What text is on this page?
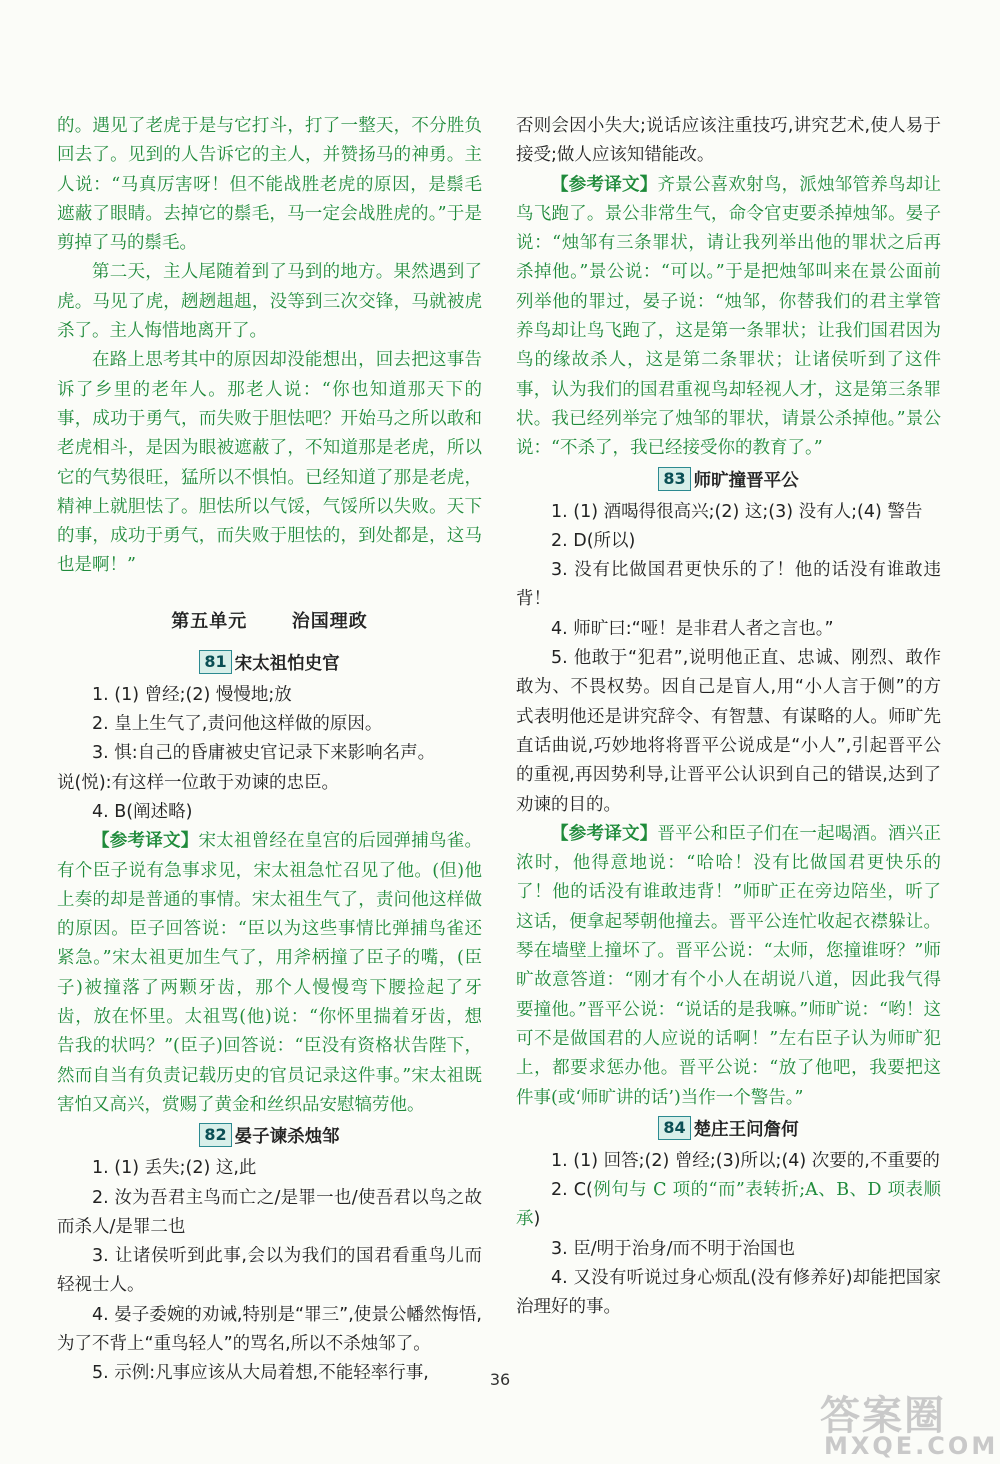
的。遇见了老虎于是与它打斗，打了一整天，不分胜负回去了。见到的人告诉它的主人，并赞扬马的神勇。主人说：“马真厉害呀！但不能战胜老虎的原因，是鬃毛遮蔽了眼睛。去掉它的鬃毛，马一定会战胜虎的。”于是剪掉了马的鬃毛。

第二天，主人尾随着到了马到的地方。果然遇到了虎。马见了虎，趔趔趄趄，没等到三次交锋，马就被虎杀了。主人悔惜地离开了。

在路上思考其中的原因却没能想出，回去把这事告诉了乡里的老年人。那老人说：“你也知道那天下的事，成功于勇气，而失败于胆怯吧？开始马之所以敢和老虎相斗，是因为眼被遮蔽了，不知道那是老虎，所以它的气势很旺，猛所以不惧怕。已经知道了那是老虎，精神上就胆怯了。胆怯所以气馁，气馁所以失败。天下的事，成功于勇气，而失败于胆怯的，到处都是，这马也是啊！”

第五单元 治国理政
81 宋太祖怕史官

1. (1) 曾经;(2) 慢慢地;放

2. 皇上生气了,责问他这样做的原因。

3. 惧:自己的昏庸被史官记录下来影响名声。

说(悦):有这样一位敢于劝谏的忠臣。

4. B(阐述略)

【参考译文】宋太祖曾经在皇宫的后园弹捕鸟雀。有个臣子说有急事求见，宋太祖急忙召见了他。(但)他上奏的却是普通的事情。宋太祖生气了，责问他这样做的原因。臣子回答说：“臣以为这些事情比弹捕鸟雀还紧急。”宋太祖更加生气了，用斧柄撞了臣子的嘴，(臣子)被撞落了两颗牙齿，那个人慢慢弯下腰捡起了牙齿，放在怀里。太祖骂(他)说：“你怀里揣着牙齿，想告我的状吗？”(臣子)回答说：“臣没有资格状告陛下，然而自当有负责记载历史的官员记录这件事。”宋太祖既害怕又高兴，赏赐了黄金和丝织品安慰犒劳他。

82 晏子谏杀烛邹

1. (1) 丢失;(2) 这,此

2. 汝为吾君主鸟而亡之/是罪一也/使吾君以鸟之故而杀人/是罪二也

3. 让诸侯听到此事,会以为我们的国君看重鸟儿而轻视士人。

4. 晏子委婉的劝诫,特别是“罪三”,使景公幡然悔悟,为了不背上“重鸟轻人”的骂名,所以不杀烛邹了。

5. 示例:凡事应该从大局着想,不能轻率行事,

否则会因小失大;说话应该注重技巧,讲究艺术,使人易于接受;做人应该知错能改。

【参考译文】齐景公喜欢射鸟，派烛邹管养鸟却让鸟飞跑了。景公非常生气，命令官吏要杀掉烛邹。晏子说：“烛邹有三条罪状，请让我列举出他的罪状之后再杀掉他。”景公说：“可以。”于是把烛邹叫来在景公面前列举他的罪过，晏子说：“烛邹，你替我们的君主掌管养鸟却让鸟飞跑了，这是第一条罪状；让我们国君因为鸟的缘故杀人，这是第二条罪状；让诸侯听到了这件事，认为我们的国君重视鸟却轻视人才，这是第三条罪状。我已经列举完了烛邹的罪状，请景公杀掉他。”景公说：“不杀了，我已经接受你的教育了。”

83 师旷撞晋平公

1. (1) 酒喝得很高兴;(2) 这;(3) 没有人;(4) 警告

2. D(所以)

3. 没有比做国君更快乐的了！他的话没有谁敢违背！

4. 师旷曰:“哑！是非君人者之言也。”

5. 他敢于“犯君”,说明他正直、忠诚、刚烈、敢作敢为、不畏权势。因自己是盲人,用“小人言于侧”的方式表明他还是讲究辞令、有智慧、有谋略的人。师旷先直话曲说,巧妙地将将晋平公说成是“小人”,引起晋平公的重视,再因势利导,让晋平公认识到自己的错误,达到了劝谏的目的。

【参考译文】晋平公和臣子们在一起喝酒。酒兴正浓时，他得意地说：“哈哈！没有比做国君更快乐的了！他的话没有谁敢违背！”师旷正在旁边陪坐，听了这话，便拿起琴朝他撞去。晋平公连忙收起衣襟躲让。琴在墙壁上撞坏了。晋平公说：“太师，您撞谁呀？”师旷故意答道：“刚才有个小人在胡说八道，因此我气得要撞他。”晋平公说：“说话的是我嘛。”师旷说：“哟！这可不是做国君的人应说的话啊！”左右臣子认为师旷犯上，都要求惩办他。晋平公说：“放了他吧，我要把这件事(或‘师旷讲的话’)当作一个警告。”

84 楚庄王问詹何

1. (1) 回答;(2) 曾经;(3)所以;(4) 次要的,不重要的

2. C(例句与 C 项的“而”表转折;A、B、D 项表顺承)

3. 臣/明于治身/而不明于治国也

4. 又没有听说过身心烦乱(没有修养好)却能把国家治理好的事。

36
答案圈
MXQE.COM
